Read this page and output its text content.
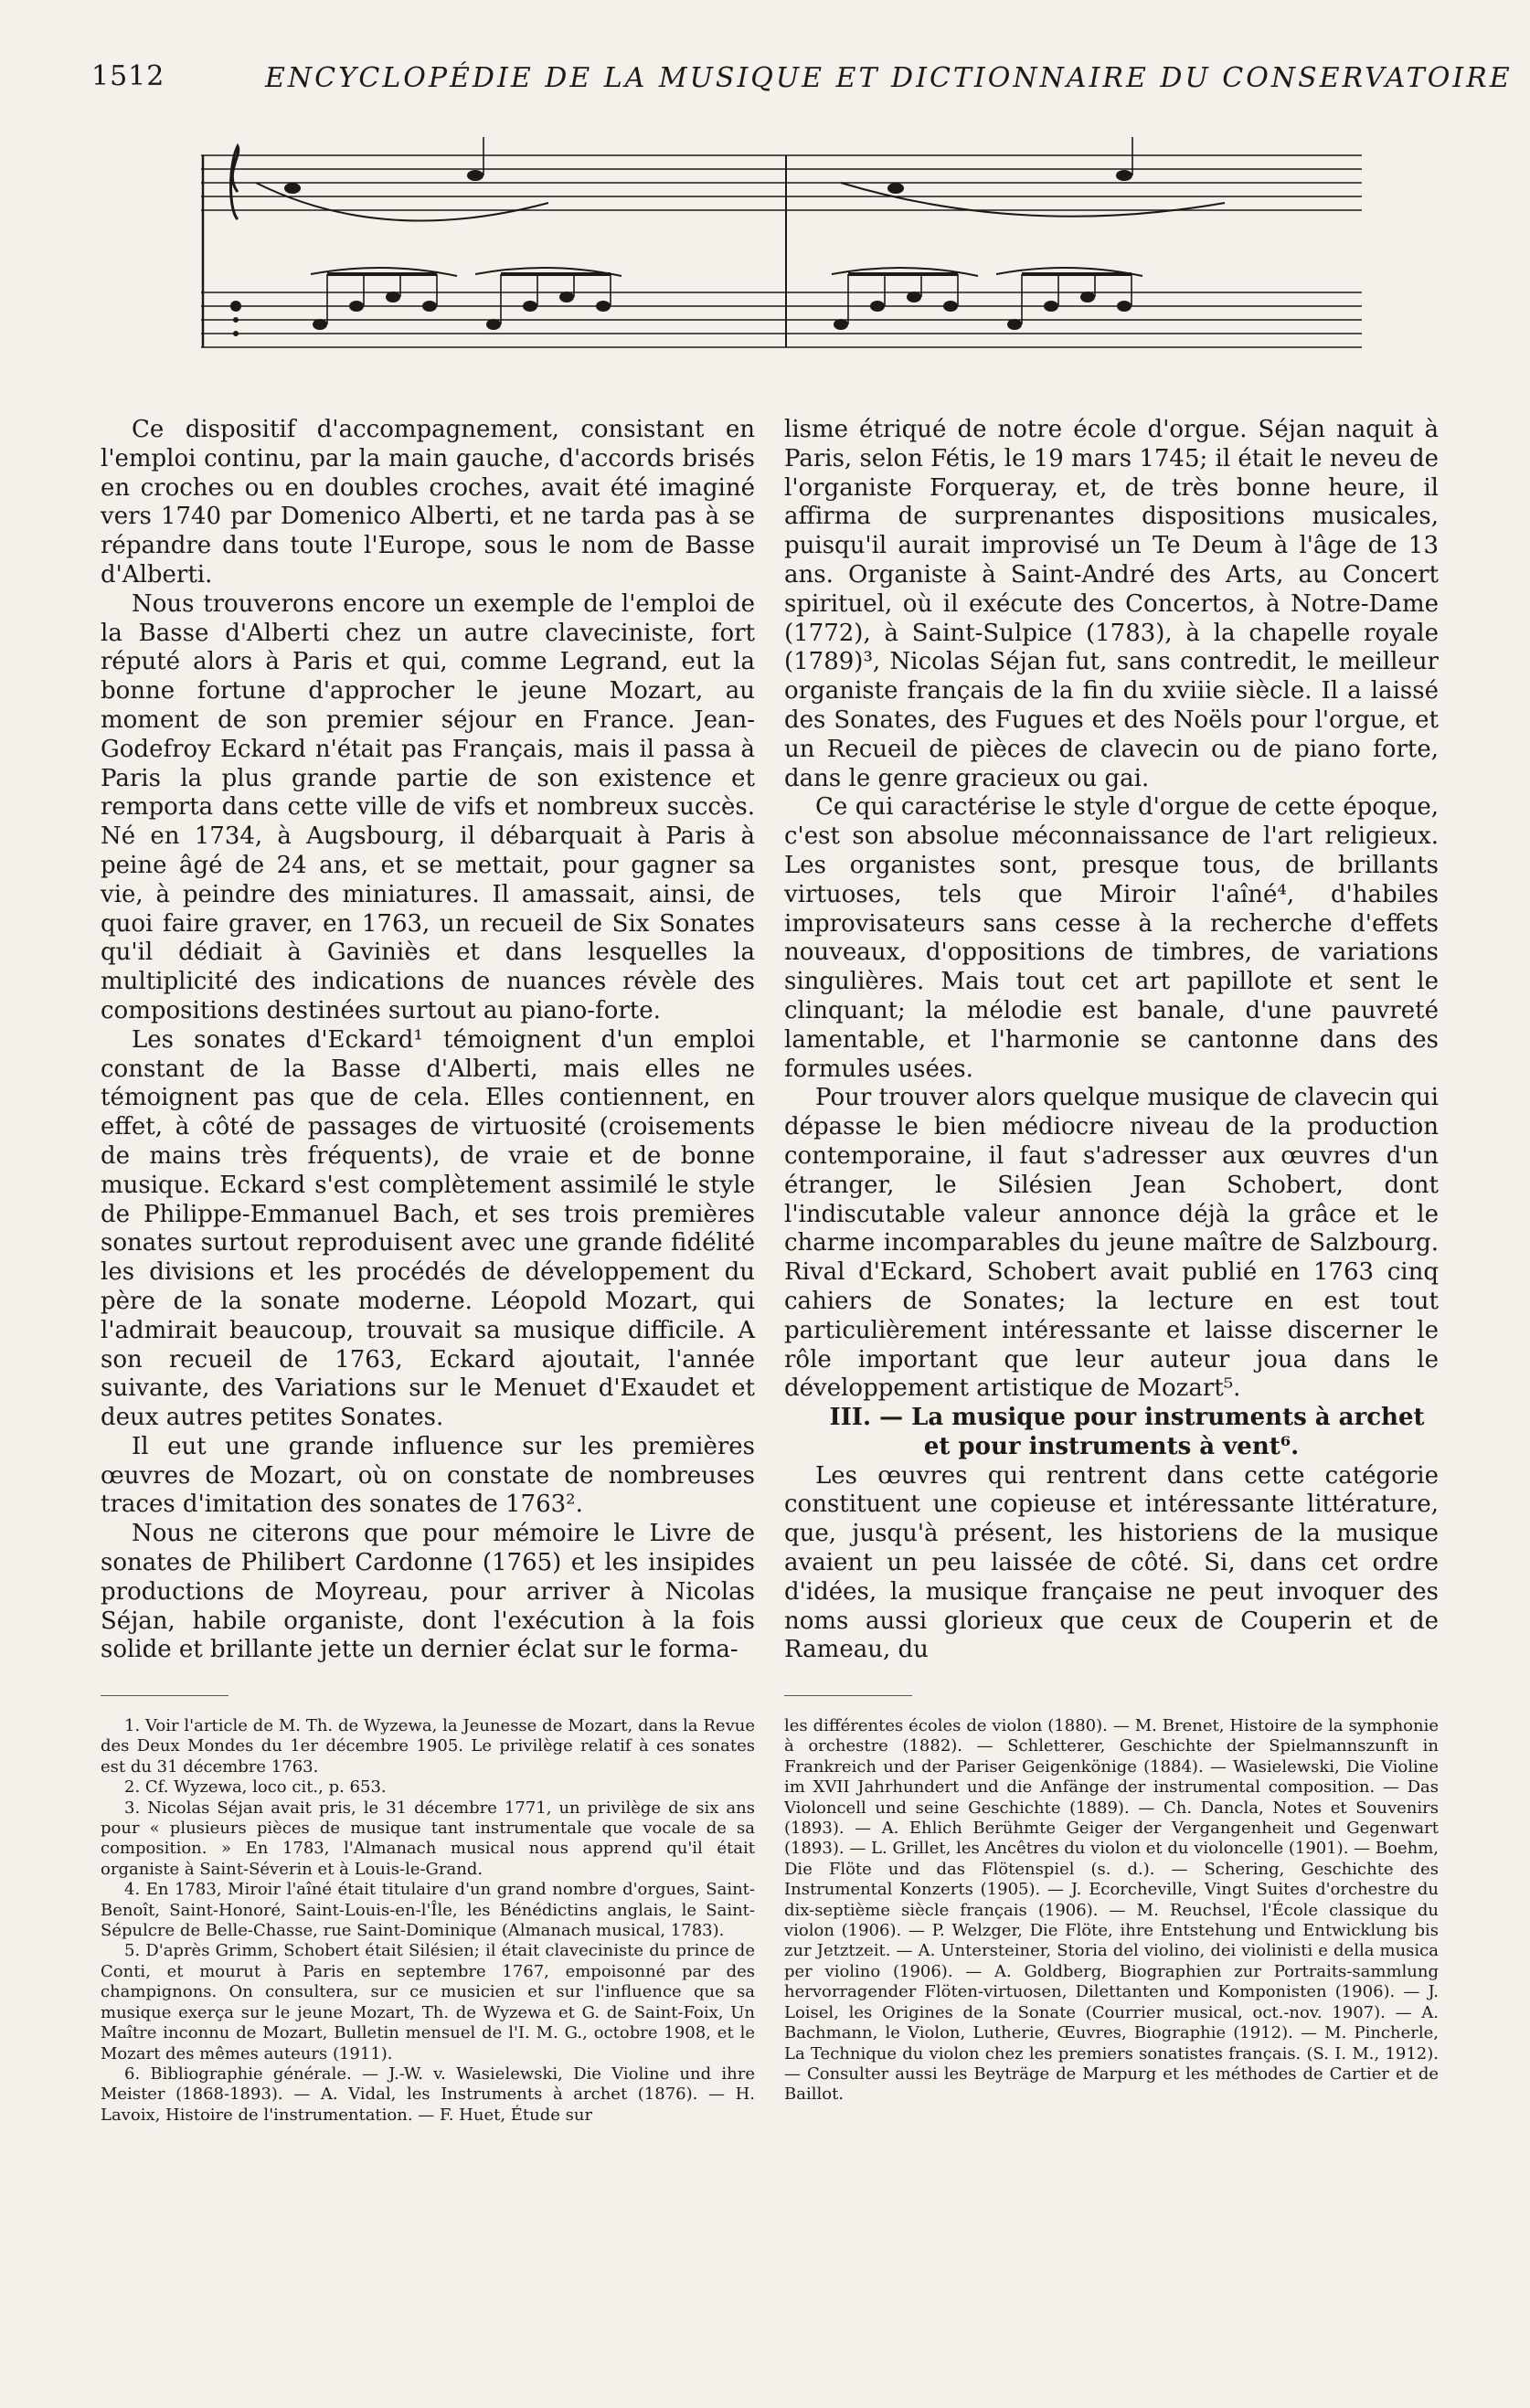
1512	ENCYCLOPÉDIE DE LA MUSIQUE ET DICTIONNAIRE DU CONSERVATOIRE

Ce dispositif d'accompagnement, consistant en l'emploi continu, par la main gauche, d'accords brisés en croches ou en doubles croches, avait été imaginé vers 1740 par Domenico Alberti, et ne tarda pas à se répandre dans toute l'Europe, sous le nom de Basse d'Alberti.

Nous trouverons encore un exemple de l'emploi de la Basse d'Alberti chez un autre claveciniste, fort réputé alors à Paris et qui, comme Legrand, eut la bonne fortune d'approcher le jeune Mozart, au moment de son premier séjour en France. Jean-Godefroy Eckard n'était pas Français, mais il passa à Paris la plus grande partie de son existence et remporta dans cette ville de vifs et nombreux succès. Né en 1734, à Augsbourg, il débarquait à Paris à peine âgé de 24 ans, et se mettait, pour gagner sa vie, à peindre des miniatures. Il amassait, ainsi, de quoi faire graver, en 1763, un recueil de Six Sonates qu'il dédiait à Gaviniès et dans lesquelles la multiplicité des indications de nuances révèle des compositions destinées surtout au piano-forte.

Les sonates d'Eckard¹ témoignent d'un emploi constant de la Basse d'Alberti, mais elles ne témoignent pas que de cela. Elles contiennent, en effet, à côté de passages de virtuosité (croisements de mains très fréquents), de vraie et de bonne musique. Eckard s'est complètement assimilé le style de Philippe-Emmanuel Bach, et ses trois premières sonates surtout reproduisent avec une grande fidélité les divisions et les procédés de développement du père de la sonate moderne. Léopold Mozart, qui l'admirait beaucoup, trouvait sa musique difficile. A son recueil de 1763, Eckard ajoutait, l'année suivante, des Variations sur le Menuet d'Exaudet et deux autres petites Sonates.

Il eut une grande influence sur les premières œuvres de Mozart, où on constate de nombreuses traces d'imitation des sonates de 1763².

Nous ne citerons que pour mémoire le Livre de sonates de Philibert Cardonne (1765) et les insipides productions de Moyreau, pour arriver à Nicolas Séjan, habile organiste, dont l'exécution à la fois solide et brillante jette un dernier éclat sur le forma-

lisme étriqué de notre école d'orgue. Séjan naquit à Paris, selon Fétis, le 19 mars 1745; il était le neveu de l'organiste Forqueray, et, de très bonne heure, il affirma de surprenantes dispositions musicales, puisqu'il aurait improvisé un Te Deum à l'âge de 13 ans. Organiste à Saint-André des Arts, au Concert spirituel, où il exécute des Concertos, à Notre-Dame (1772), à Saint-Sulpice (1783), à la chapelle royale (1789)³, Nicolas Séjan fut, sans contredit, le meilleur organiste français de la fin du xviiie siècle. Il a laissé des Sonates, des Fugues et des Noëls pour l'orgue, et un Recueil de pièces de clavecin ou de piano forte, dans le genre gracieux ou gai.

Ce qui caractérise le style d'orgue de cette époque, c'est son absolue méconnaissance de l'art religieux. Les organistes sont, presque tous, de brillants virtuoses, tels que Miroir l'aîné⁴, d'habiles improvisateurs sans cesse à la recherche d'effets nouveaux, d'oppositions de timbres, de variations singulières. Mais tout cet art papillote et sent le clinquant; la mélodie est banale, d'une pauvreté lamentable, et l'harmonie se cantonne dans des formules usées.

Pour trouver alors quelque musique de clavecin qui dépasse le bien médiocre niveau de la production contemporaine, il faut s'adresser aux œuvres d'un étranger, le Silésien Jean Schobert, dont l'indiscutable valeur annonce déjà la grâce et le charme incomparables du jeune maître de Salzbourg. Rival d'Eckard, Schobert avait publié en 1763 cinq cahiers de Sonates; la lecture en est tout particulièrement intéressante et laisse discerner le rôle important que leur auteur joua dans le développement artistique de Mozart⁵.

III. — La musique pour instruments à archet et pour instruments à vent⁶.

Les œuvres qui rentrent dans cette catégorie constituent une copieuse et intéressante littérature, que, jusqu'à présent, les historiens de la musique avaient un peu laissée de côté. Si, dans cet ordre d'idées, la musique française ne peut invoquer des noms aussi glorieux que ceux de Couperin et de Rameau, du

1. Voir l'article de M. Th. de Wyzewa, la Jeunesse de Mozart, dans la Revue des Deux Mondes du 1er décembre 1905. Le privilège relatif à ces sonates est du 31 décembre 1763.

2. Cf. Wyzewa, loco cit., p. 653.

3. Nicolas Séjan avait pris, le 31 décembre 1771, un privilège de six ans pour « plusieurs pièces de musique tant instrumentale que vocale de sa composition. » En 1783, l'Almanach musical nous apprend qu'il était organiste à Saint-Séverin et à Louis-le-Grand.

4. En 1783, Miroir l'aîné était titulaire d'un grand nombre d'orgues, Saint-Benoît, Saint-Honoré, Saint-Louis-en-l'Île, les Bénédictins anglais, le Saint-Sépulcre de Belle-Chasse, rue Saint-Dominique (Almanach musical, 1783).

5. D'après Grimm, Schobert était Silésien; il était claveciniste du prince de Conti, et mourut à Paris en septembre 1767, empoisonné par des champignons. On consultera, sur ce musicien et sur l'influence que sa musique exerça sur le jeune Mozart, Th. de Wyzewa et G. de Saint-Foix, Un Maître inconnu de Mozart, Bulletin mensuel de l'I. M. G., octobre 1908, et le Mozart des mêmes auteurs (1911).

6. Bibliographie générale. — J.-W. v. Wasielewski, Die Violine und ihre Meister (1868-1893). — A. Vidal, les Instruments à archet (1876). — H. Lavoix, Histoire de l'instrumentation. — F. Huet, Étude sur

les différentes écoles de violon (1880). — M. Brenet, Histoire de la symphonie à orchestre (1882). — Schletterer, Geschichte der Spielmannszunft in Frankreich und der Pariser Geigenkönige (1884). — Wasielewski, Die Violine im XVII Jahrhundert und die Anfänge der instrumental composition. — Das Violoncell und seine Geschichte (1889). — Ch. Dancla, Notes et Souvenirs (1893). — A. Ehlich Berühmte Geiger der Vergangenheit und Gegenwart (1893). — L. Grillet, les Ancêtres du violon et du violoncelle (1901). — Boehm, Die Flöte und das Flötenspiel (s. d.). — Schering, Geschichte des Instrumental Konzerts (1905). — J. Ecorcheville, Vingt Suites d'orchestre du dix-septième siècle français (1906). — M. Reuchsel, l'École classique du violon (1906). — P. Welzger, Die Flöte, ihre Entstehung und Entwicklung bis zur Jetztzeit. — A. Untersteiner, Storia del violino, dei violinisti e della musica per violino (1906). — A. Goldberg, Biographien zur Portraits-sammlung hervorragender Flöten-virtuosen, Dilettanten und Komponisten (1906). — J. Loisel, les Origines de la Sonate (Courrier musical, oct.-nov. 1907). — A. Bachmann, le Violon, Lutherie, Œuvres, Biographie (1912). — M. Pincherle, La Technique du violon chez les premiers sonatistes français. (S. I. M., 1912). — Consulter aussi les Beyträge de Marpurg et les méthodes de Cartier et de Baillot.
